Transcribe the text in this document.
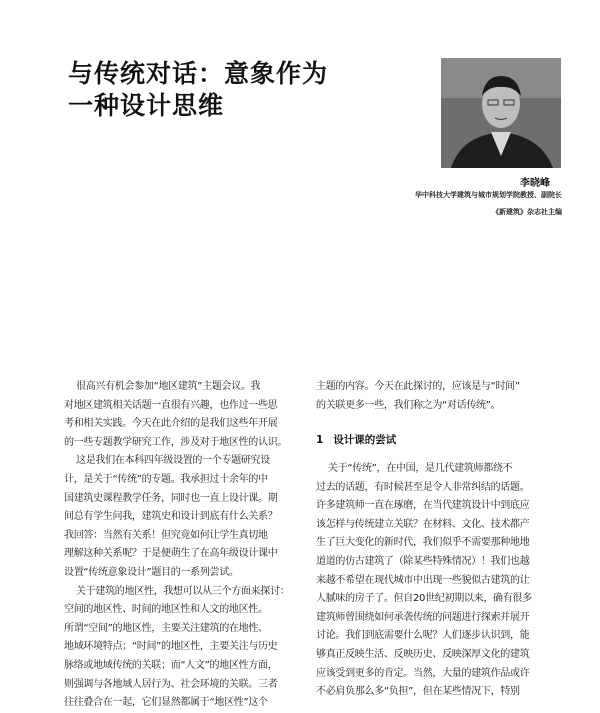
与传统对话：意象作为
一种设计思维
李晓峰
华中科技大学建筑与城市规划学院教授、副院长
《新建筑》杂志社主编
很高兴有机会参加“地区建筑”主题会议。我
对地区建筑相关话题一直很有兴趣，也作过一些思
考和相关实践。今天在此介绍的是我们这些年开展
的一些专题教学研究工作，涉及对于地区性的认识。
这是我们在本科四年级设置的一个专题研究设
计，是关于“传统”的专题。我承担过十余年的中
国建筑史课程教学任务，同时也一直上设计课。期
间总有学生问我，建筑史和设计到底有什么关系？
我回答：当然有关系！但究竟如何让学生真切地
理解这种关系呢？于是便萌生了在高年级设计课中
设置“传统意象设计”题目的一系列尝试。
关于建筑的地区性，我想可以从三个方面来探讨：
空间的地区性、时间的地区性和人文的地区性。
所谓“空间”的地区性，主要关注建筑的在地性、
地域环境特点；“时间”的地区性，主要关注与历史
脉络或地域传统的关联；而“人文”的地区性方面，
则强调与各地域人居行为、社会环境的关联。三者
往往叠合在一起，它们显然都属于“地区性”这个
主题的内容。今天在此探讨的，应该是与“时间”
的关联更多一些，我们称之为“对话传统”。
1 设计课的尝试
关于“传统”，在中国，是几代建筑师都绕不
过去的话题，有时候甚至是令人非常纠结的话题。
许多建筑师一直在琢磨，在当代建筑设计中到底应
该怎样与传统建立关联？在材料、文化、技术都产
生了巨大变化的新时代，我们似乎不需要那种地地
道道的仿古建筑了（除某些特殊情况）！我们也越
来越不希望在现代城市中出现一些貌似古建筑的让
人腻味的房子了。但自20世纪初期以来，确有很多
建筑师曾围绕如何承袭传统的问题进行探索并展开
讨论。我们到底需要什么呢？人们逐步认识到，能
够真正反映生活、反映历史、反映深厚文化的建筑
应该受到更多的肯定。当然，大量的建筑作品或许
不必肩负那么多“负担”，但在某些情况下，特别
